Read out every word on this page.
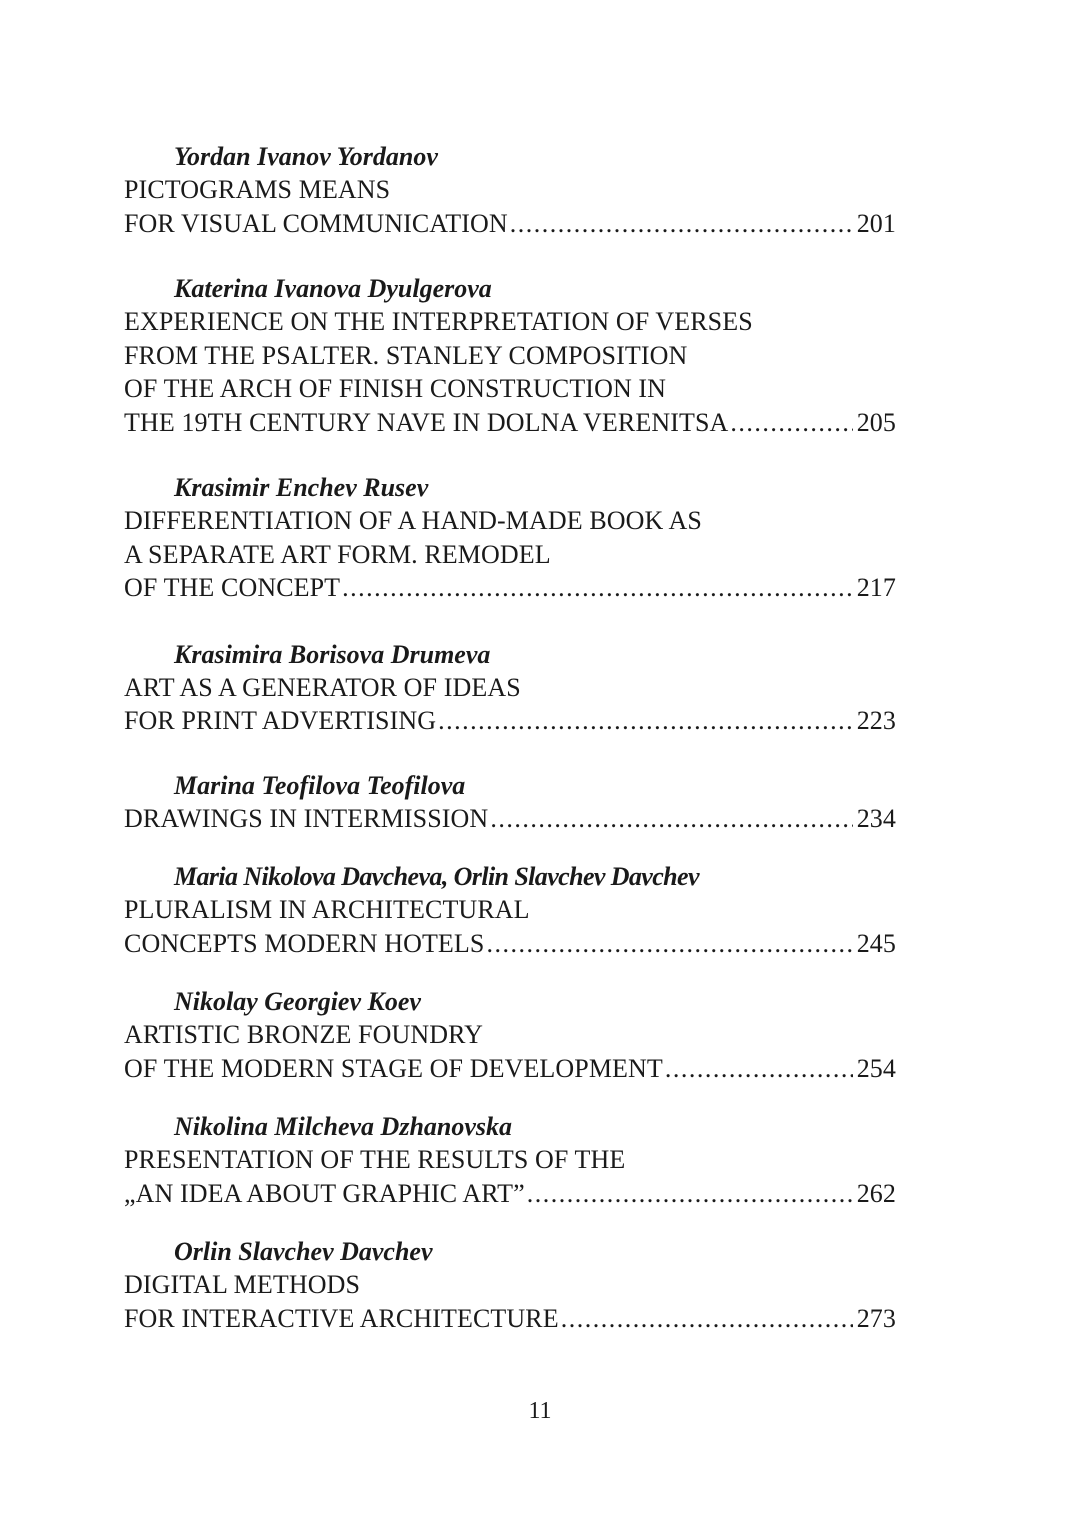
Yordan Ivanov Yordanov
PICTOGRAMS MEANS
FOR VISUAL COMMUNICATION .....	201
Katerina Ivanova Dyulgerova
EXPERIENCE ON THE INTERPRETATION OF VERSES
FROM THE PSALTER. STANLEY COMPOSITION
OF THE ARCH OF FINISH CONSTRUCTION IN
THE 19TH CENTURY NAVE IN DOLNA VERENITSA .....	205
Krasimir Enchev Rusev
DIFFERENTIATION OF A HAND-MADE BOOK AS
A SEPARATE ART FORM. REMODEL
OF THE CONCEPT .....	217
Krasimira Borisova Drumeva
ART AS A GENERATOR OF IDEAS
FOR PRINT ADVERTISING .....	223
Marina Teofilova Teofilova
DRAWINGS IN INTERMISSION .....	234
Maria Nikolova Davcheva, Orlin Slavchev Davchev
PLURALISM IN ARCHITECTURAL
CONCEPTS MODERN HOTELS .....	245
Nikolay Georgiev Koev
ARTISTIC BRONZE FOUNDRY
OF THE MODERN STAGE OF DEVELOPMENT .....	254
Nikolina Milcheva Dzhanovska
PRESENTATION OF THE RESULTS OF THE
„AN IDEA ABOUT GRAPHIC ART” .....	262
Orlin Slavchev Davchev
DIGITAL METHODS
FOR INTERACTIVE ARCHITECTURE .....	273
11
